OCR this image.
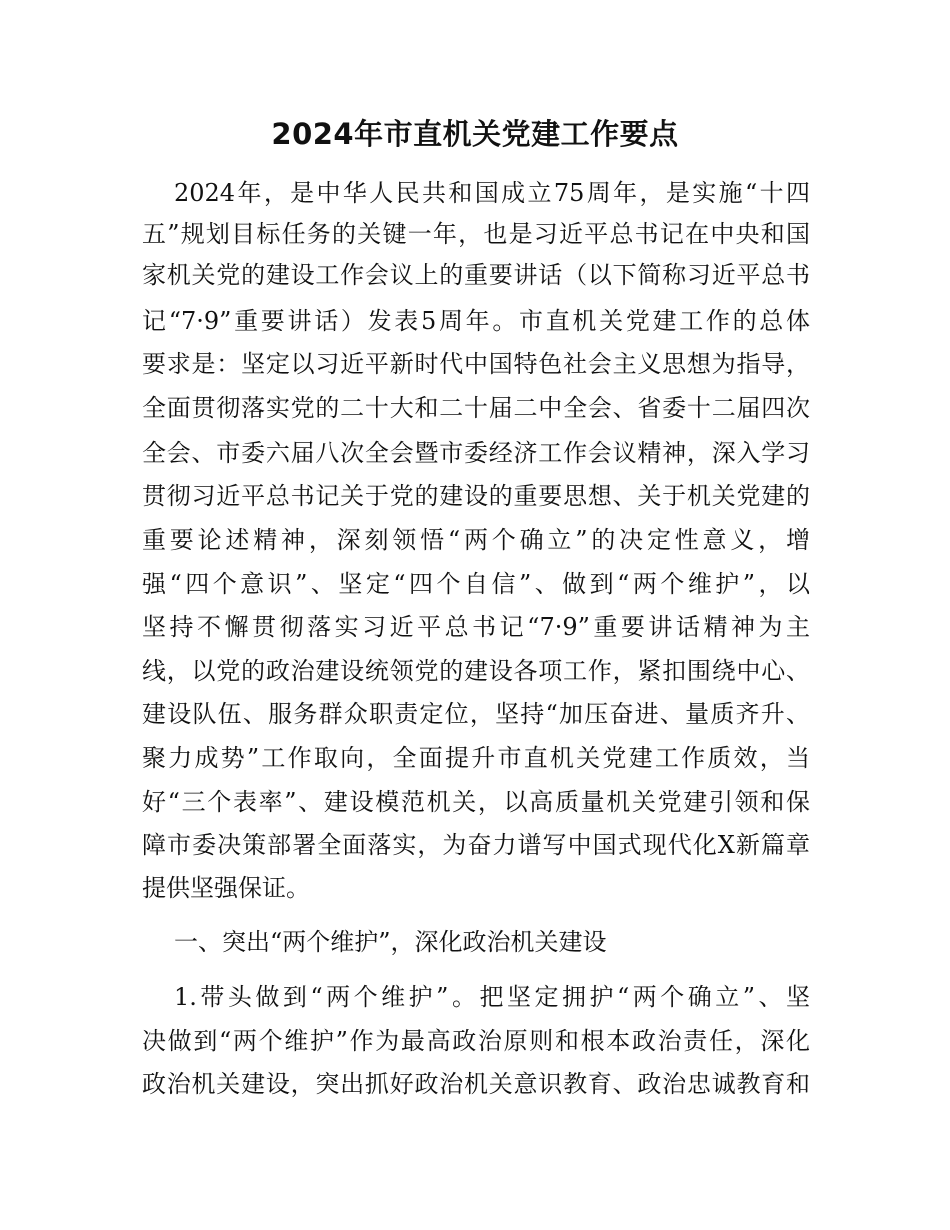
2024年市直机关党建工作要点
2024年，是中华人民共和国成立75周年，是实施“十四
五”规划目标任务的关键一年，也是习近平总书记在中央和国
家机关党的建设工作会议上的重要讲话（以下简称习近平总书
记“7·9”重要讲话）发表5周年。市直机关党建工作的总体
要求是：坚定以习近平新时代中国特色社会主义思想为指导，
全面贯彻落实党的二十大和二十届二中全会、省委十二届四次
全会、市委六届八次全会暨市委经济工作会议精神，深入学习
贯彻习近平总书记关于党的建设的重要思想、关于机关党建的
重要论述精神，深刻领悟“两个确立”的决定性意义，增
强“四个意识”、坚定“四个自信”、做到“两个维护”，以
坚持不懈贯彻落实习近平总书记“7·9”重要讲话精神为主
线，以党的政治建设统领党的建设各项工作，紧扣围绕中心、
建设队伍、服务群众职责定位，坚持“加压奋进、量质齐升、
聚力成势”工作取向，全面提升市直机关党建工作质效，当
好“三个表率”、建设模范机关，以高质量机关党建引领和保
障市委决策部署全面落实，为奋力谱写中国式现代化X新篇章
提供坚强保证。
一、突出“两个维护”，深化政治机关建设
1.带头做到“两个维护”。把坚定拥护“两个确立”、坚
决做到“两个维护”作为最高政治原则和根本政治责任，深化
政治机关建设，突出抓好政治机关意识教育、政治忠诚教育和
